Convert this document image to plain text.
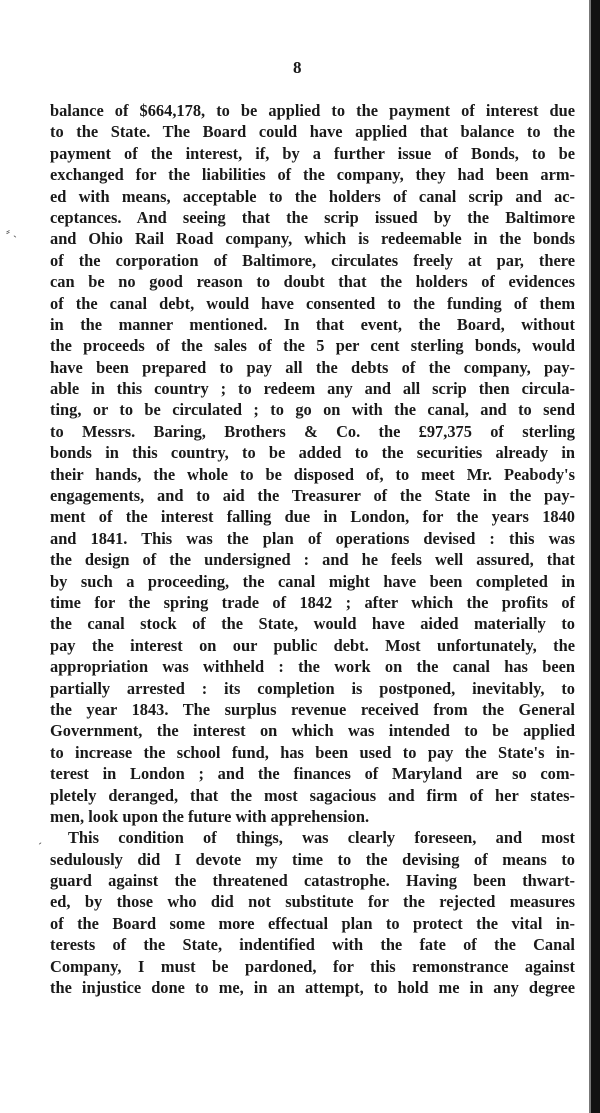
⸗ ˏ
ˊ
8
balance of $664,178, to be applied to the payment of interest due
to the State. The Board could have applied that balance to the
payment of the interest, if, by a further issue of Bonds, to be
exchanged for the liabilities of the company, they had been arm-
ed with means, acceptable to the holders of canal scrip and ac-
ceptances. And seeing that the scrip issued by the Baltimore
and Ohio Rail Road company, which is redeemable in the bonds
of the corporation of Baltimore, circulates freely at par, there
can be no good reason to doubt that the holders of evidences
of the canal debt, would have consented to the funding of them
in the manner mentioned. In that event, the Board, without
the proceeds of the sales of the 5 per cent sterling bonds, would
have been prepared to pay all the debts of the company, pay-
able in this country ; to redeem any and all scrip then circula-
ting, or to be circulated ; to go on with the canal, and to send
to Messrs. Baring, Brothers & Co. the £97,375 of sterling
bonds in this country, to be added to the securities already in
their hands, the whole to be disposed of, to meet Mr. Peabody's
engagements, and to aid the Treasurer of the State in the pay-
ment of the interest falling due in London, for the years 1840
and 1841. This was the plan of operations devised : this was
the design of the undersigned : and he feels well assured, that
by such a proceeding, the canal might have been completed in
time for the spring trade of 1842 ; after which the profits of
the canal stock of the State, would have aided materially to
pay the interest on our public debt. Most unfortunately, the
appropriation was withheld : the work on the canal has been
partially arrested : its completion is postponed, inevitably, to
the year 1843. The surplus revenue received from the General
Government, the interest on which was intended to be applied
to increase the school fund, has been used to pay the State's in-
terest in London ; and the finances of Maryland are so com-
pletely deranged, that the most sagacious and firm of her states-
men, look upon the future with apprehension.
This condition of things, was clearly foreseen, and most
sedulously did I devote my time to the devising of means to
guard against the threatened catastrophe. Having been thwart-
ed, by those who did not substitute for the rejected measures
of the Board some more effectual plan to protect the vital in-
terests of the State, indentified with the fate of the Canal
Company, I must be pardoned, for this remonstrance against
the injustice done to me, in an attempt, to hold me in any degree
